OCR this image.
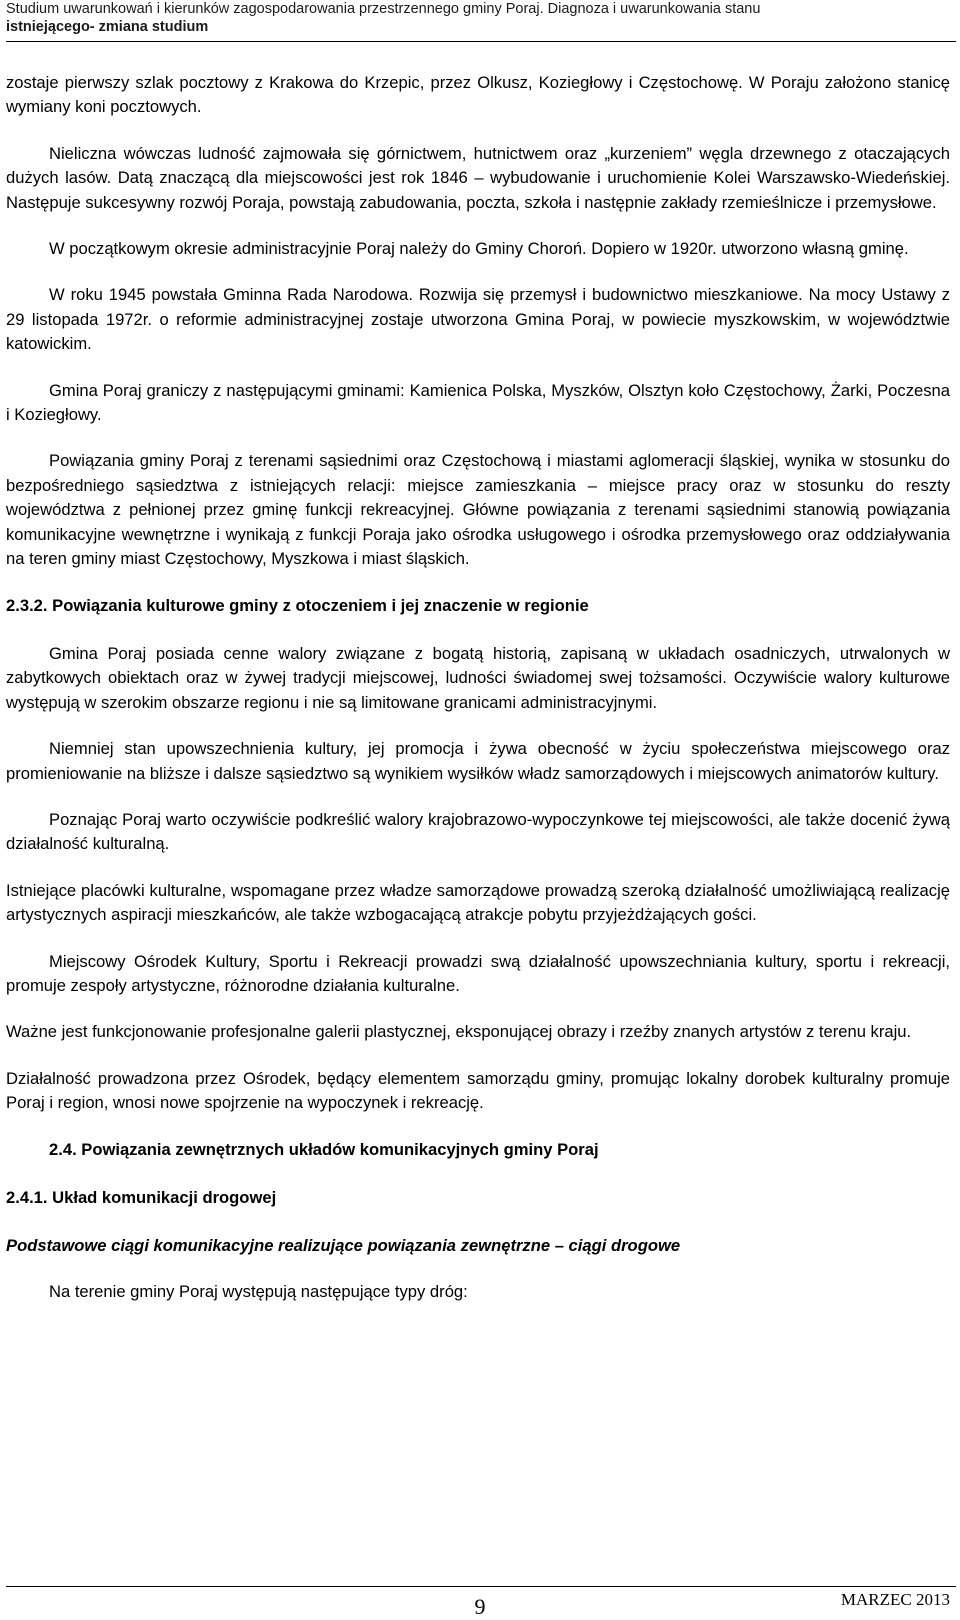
Studium uwarunkowań i kierunków zagospodarowania przestrzennego gminy Poraj. Diagnoza i uwarunkowania stanu
istniejącego- zmiana studium

zostaje pierwszy szlak pocztowy z Krakowa do Krzepic, przez Olkusz, Koziegłowy i Częstochowę. W Poraju założono stanicę wymiany koni pocztowych.

Nieliczna wówczas ludność zajmowała się górnictwem, hutnictwem oraz „kurzeniem” węgla drzewnego z otaczających dużych lasów. Datą znaczącą dla miejscowości jest rok 1846 – wybudowanie i uruchomienie Kolei Warszawsko-Wiedeńskiej. Następuje sukcesywny rozwój Poraja, powstają zabudowania, poczta, szkoła i następnie zakłady rzemieślnicze i przemysłowe.

W początkowym okresie administracyjnie Poraj należy do Gminy Choroń. Dopiero w 1920r. utworzono własną gminę.

W roku 1945 powstała Gminna Rada Narodowa. Rozwija się przemysł i budownictwo mieszkaniowe. Na mocy Ustawy z 29 listopada 1972r. o reformie administracyjnej zostaje utworzona Gmina Poraj, w powiecie myszkowskim, w województwie katowickim.

Gmina Poraj graniczy z następującymi gminami: Kamienica Polska, Myszków, Olsztyn koło Częstochowy, Żarki, Poczesna i Koziegłowy.

Powiązania gminy Poraj z terenami sąsiednimi oraz Częstochową i miastami aglomeracji śląskiej, wynika w stosunku do bezpośredniego sąsiedztwa z istniejących relacji: miejsce zamieszkania – miejsce pracy oraz w stosunku do reszty województwa z pełnionej przez gminę funkcji rekreacyjnej. Główne powiązania z terenami sąsiednimi stanowią powiązania komunikacyjne wewnętrzne i wynikają z funkcji Poraja jako ośrodka usługowego i ośrodka przemysłowego oraz oddziaływania na teren gminy miast Częstochowy, Myszkowa i miast śląskich.

2.3.2. Powiązania kulturowe gminy z otoczeniem i jej znaczenie w regionie

Gmina Poraj posiada cenne walory związane z bogatą historią, zapisaną w układach osadniczych, utrwalonych w zabytkowych obiektach oraz w żywej tradycji miejscowej, ludności świadomej swej tożsamości. Oczywiście walory kulturowe występują w szerokim obszarze regionu i nie są limitowane granicami administracyjnymi.

Niemniej stan upowszechnienia kultury, jej promocja i żywa obecność w życiu społeczeństwa miejscowego oraz promieniowanie na bliższe i dalsze sąsiedztwo są wynikiem wysiłków władz samorządowych i miejscowych animatorów kultury.

Poznając Poraj warto oczywiście podkreślić walory krajobrazowo-wypoczynkowe tej miejscowości, ale także docenić żywą działalność kulturalną.

Istniejące placówki kulturalne, wspomagane przez władze samorządowe prowadzą szeroką działalność umożliwiającą realizację artystycznych aspiracji mieszkańców, ale także wzbogacającą atrakcje pobytu przyjeżdżających gości.

Miejscowy Ośrodek Kultury, Sportu i Rekreacji prowadzi swą działalność upowszechniania kultury, sportu i rekreacji, promuje zespoły artystyczne, różnorodne działania kulturalne.

Ważne jest funkcjonowanie profesjonalne galerii plastycznej, eksponującej obrazy i rzeźby znanych artystów z terenu kraju.

Działalność prowadzona przez Ośrodek, będący elementem samorządu gminy, promując lokalny dorobek kulturalny promuje Poraj i region, wnosi nowe spojrzenie na wypoczynek i rekreację.

2.4. Powiązania zewnętrznych układów komunikacyjnych gminy Poraj
2.4.1. Układ komunikacji drogowej
Podstawowe ciągi komunikacyjne realizujące powiązania zewnętrzne – ciągi drogowe

Na terenie gminy Poraj występują następujące typy dróg:

MARZEC 2013
9
